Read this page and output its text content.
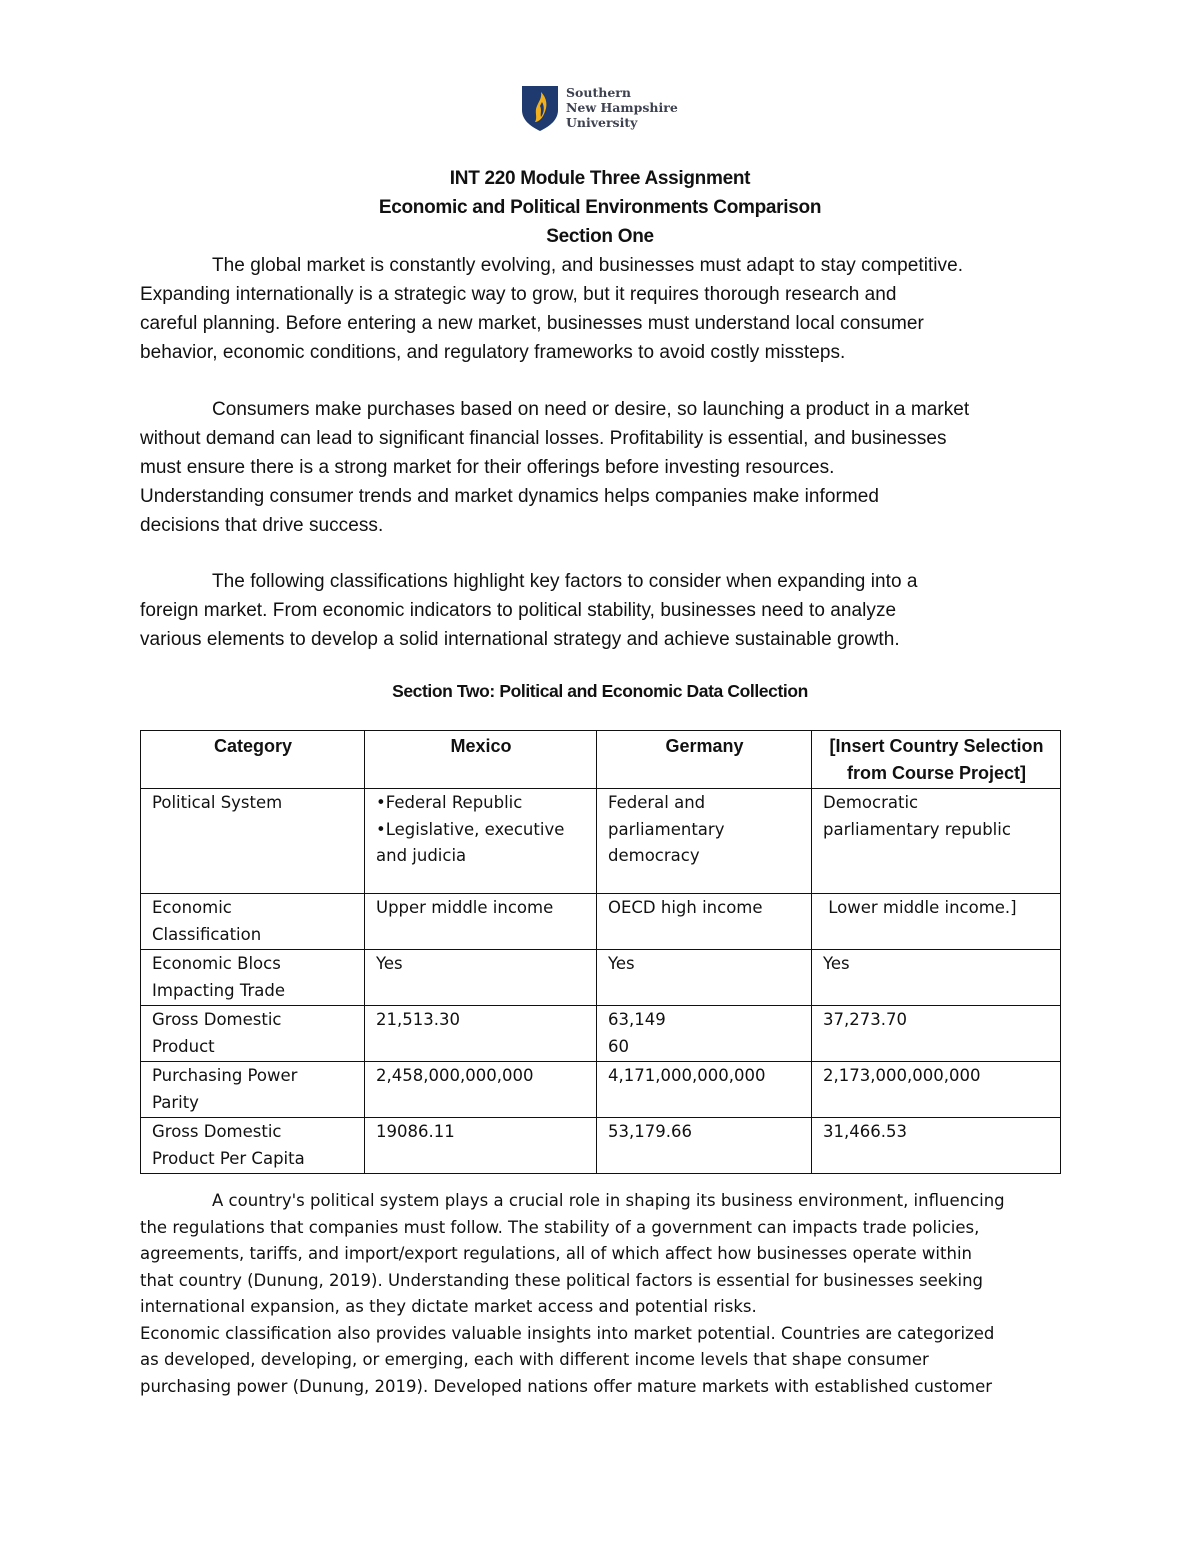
Southern
New Hampshire
University
INT 220 Module Three Assignment
Economic and Political Environments Comparison
Section One
The global market is constantly evolving, and businesses must adapt to stay competitive.
Expanding internationally is a strategic way to grow, but it requires thorough research and
careful planning. Before entering a new market, businesses must understand local consumer
behavior, economic conditions, and regulatory frameworks to avoid costly missteps.
Consumers make purchases based on need or desire, so launching a product in a market
without demand can lead to significant financial losses. Profitability is essential, and businesses
must ensure there is a strong market for their offerings before investing resources.
Understanding consumer trends and market dynamics helps companies make informed
decisions that drive success.
The following classifications highlight key factors to consider when expanding into a
foreign market. From economic indicators to political stability, businesses need to analyze
various elements to develop a solid international strategy and achieve sustainable growth.
Section Two: Political and Economic Data Collection
Category	Mexico	Germany	[Insert Country Selection
from Course Project]

Political System	•Federal Republic
•Legislative, executive
and judicia	Federal and
parliamentary
democracy	Democratic
parliamentary republic

Economic
Classification	Upper middle income	OECD high income	Lower middle income.]

Economic Blocs
Impacting Trade	Yes	Yes	Yes

Gross Domestic
Product	21,513.30	63,149
60	37,273.70

Purchasing Power
Parity	2,458,000,000,000	4,171,000,000,000	2,173,000,000,000

Gross Domestic
Product Per Capita	19086.11	53,179.66	31,466.53
A country's political system plays a crucial role in shaping its business environment, influencing
the regulations that companies must follow. The stability of a government can impacts trade policies,
agreements, tariffs, and import/export regulations, all of which affect how businesses operate within
that country (Dunung, 2019). Understanding these political factors is essential for businesses seeking
international expansion, as they dictate market access and potential risks.
Economic classification also provides valuable insights into market potential. Countries are categorized
as developed, developing, or emerging, each with different income levels that shape consumer
purchasing power (Dunung, 2019). Developed nations offer mature markets with established customer
